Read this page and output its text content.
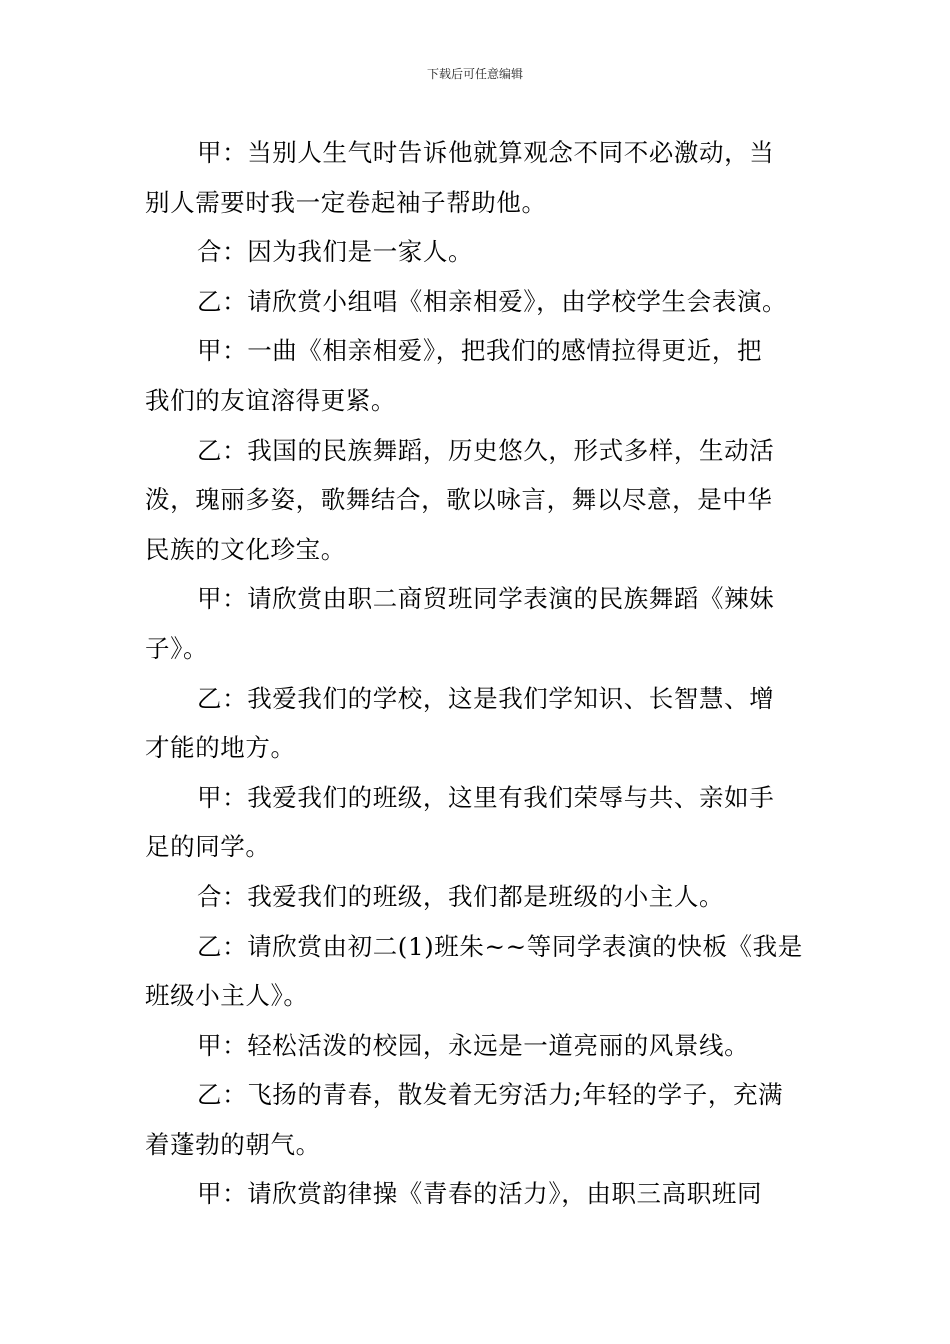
下载后可任意编辑
甲：当别人生气时告诉他就算观念不同不必激动，当
别人需要时我一定卷起袖子帮助他。
合：因为我们是一家人。
乙：请欣赏小组唱《相亲相爱》，由学校学生会表演。
甲：一曲《相亲相爱》，把我们的感情拉得更近，把
我们的友谊溶得更紧。
乙：我国的民族舞蹈，历史悠久，形式多样，生动活
泼，瑰丽多姿，歌舞结合，歌以咏言，舞以尽意，是中华
民族的文化珍宝。
甲：请欣赏由职二商贸班同学表演的民族舞蹈《辣妹
子》。
乙：我爱我们的学校，这是我们学知识、长智慧、增
才能的地方。
甲：我爱我们的班级，这里有我们荣辱与共、亲如手
足的同学。
合：我爱我们的班级，我们都是班级的小主人。
乙：请欣赏由初二(1)班朱~~等同学表演的快板《我是
班级小主人》。
甲：轻松活泼的校园，永远是一道亮丽的风景线。
乙：飞扬的青春，散发着无穷活力;年轻的学子，充满
着蓬勃的朝气。
甲：请欣赏韵律操《青春的活力》，由职三高职班同
